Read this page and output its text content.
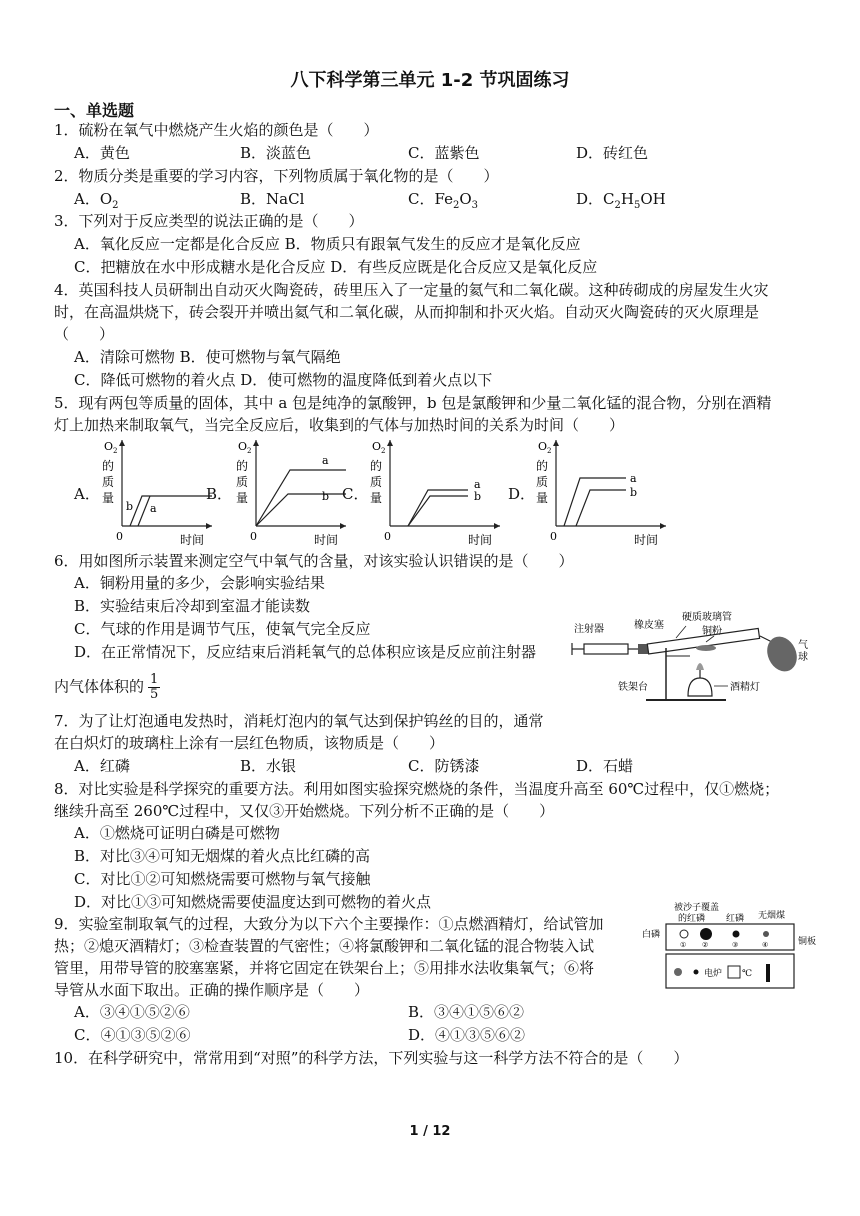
八下科学第三单元 1-2 节巩固练习
一、单选题
1．硫粉在氧气中燃烧产生火焰的颜色是（　　）
A．黄色	B．淡蓝色	C．蓝紫色	D．砖红色
2．物质分类是重要的学习内容，下列物质属于氧化物的是（　　）
A．$O_2$	B．NaCl	C．$Fe_2O_3$	D．$C_2H_5OH$
3．下列对于反应类型的说法正确的是（　　）
A．氧化反应一定都是化合反应 B．物质只有跟氧气发生的反应才是氧化反应
C．把糖放在水中形成糖水是化合反应 D．有些反应既是化合反应又是氧化反应
4．英国科技人员研制出自动灭火陶瓷砖，砖里压入了一定量的氦气和二氧化碳。这种砖砌成的房屋发生火灾
时，在高温烘烧下，砖会裂开并喷出氦气和二氧化碳，从而抑制和扑灭火焰。自动灭火陶瓷砖的灭火原理是
（　　）
A．清除可燃物 B．使可燃物与氧气隔绝
C．降低可燃物的着火点 D．使可燃物的温度降低到着火点以下
5．现有两包等质量的固体，其中 a 包是纯净的氯酸钾，b 包是氯酸钾和少量二氧化锰的混合物，分别在酒精
灯上加热来制取氧气，当完全反应后，收集到的气体与加热时间的关系为时间（　　）
A．	B．	C．	D．
$O_2$
的
质
量
0	时间
b a
$O_2$
的
质
量
0	时间
a
b
$O_2$
的
质
量
0	时间
a
b
$O_2$
的
质
量
0	时间
a
b
6．用如图所示装置来测定空气中氧气的含量，对该实验认识错误的是（　　）
A．铜粉用量的多少，会影响实验结果
B．实验结束后冷却到室温才能读数
C．气球的作用是调节气压，使氧气完全反应
D．在正常情况下，反应结束后消耗氧气的总体积应该是反应前注射器
内气体体积的 $\frac{1}{5}$
注射器	橡皮塞
硬质玻璃管
铜粉
气
球
铁架台	酒精灯
7．为了让灯泡通电发热时，消耗灯泡内的氧气达到保护钨丝的目的，通常
在白炽灯的玻璃柱上涂有一层红色物质，该物质是（　　）
A．红磷	B．水银	C．防锈漆	D．石蜡
8．对比实验是科学探究的重要方法。利用如图实验探究燃烧的条件，当温度升高至 60℃过程中，仅①燃烧；
继续升高至 260℃过程中，又仅③开始燃烧。下列分析不正确的是（　　）
A．①燃烧可证明白磷是可燃物
B．对比③④可知无烟煤的着火点比红磷的高
C．对比①②可知燃烧需要可燃物与氧气接触
D．对比①③可知燃烧需要使温度达到可燃物的着火点	被沙子覆盖
的红磷 红磷 无烟煤
白磷
铜板
① ②	③	④
电炉 ℃
9．实验室制取氧气的过程，大致分为以下六个主要操作：①点燃酒精灯，给试管加
热；②熄灭酒精灯；③检查装置的气密性；④将氯酸钾和二氧化锰的混合物装入试
管里，用带导管的胶塞塞紧，并将它固定在铁架台上；⑤用排水法收集氧气；⑥将
导管从水面下取出。正确的操作顺序是（　　）
A．③④①⑤②⑥	B．③④①⑤⑥②
C．④①③⑤②⑥	D．④①③⑤⑥②
10．在科学研究中，常常用到“对照”的科学方法，下列实验与这一科学方法不符合的是（　　）
1 / 12
